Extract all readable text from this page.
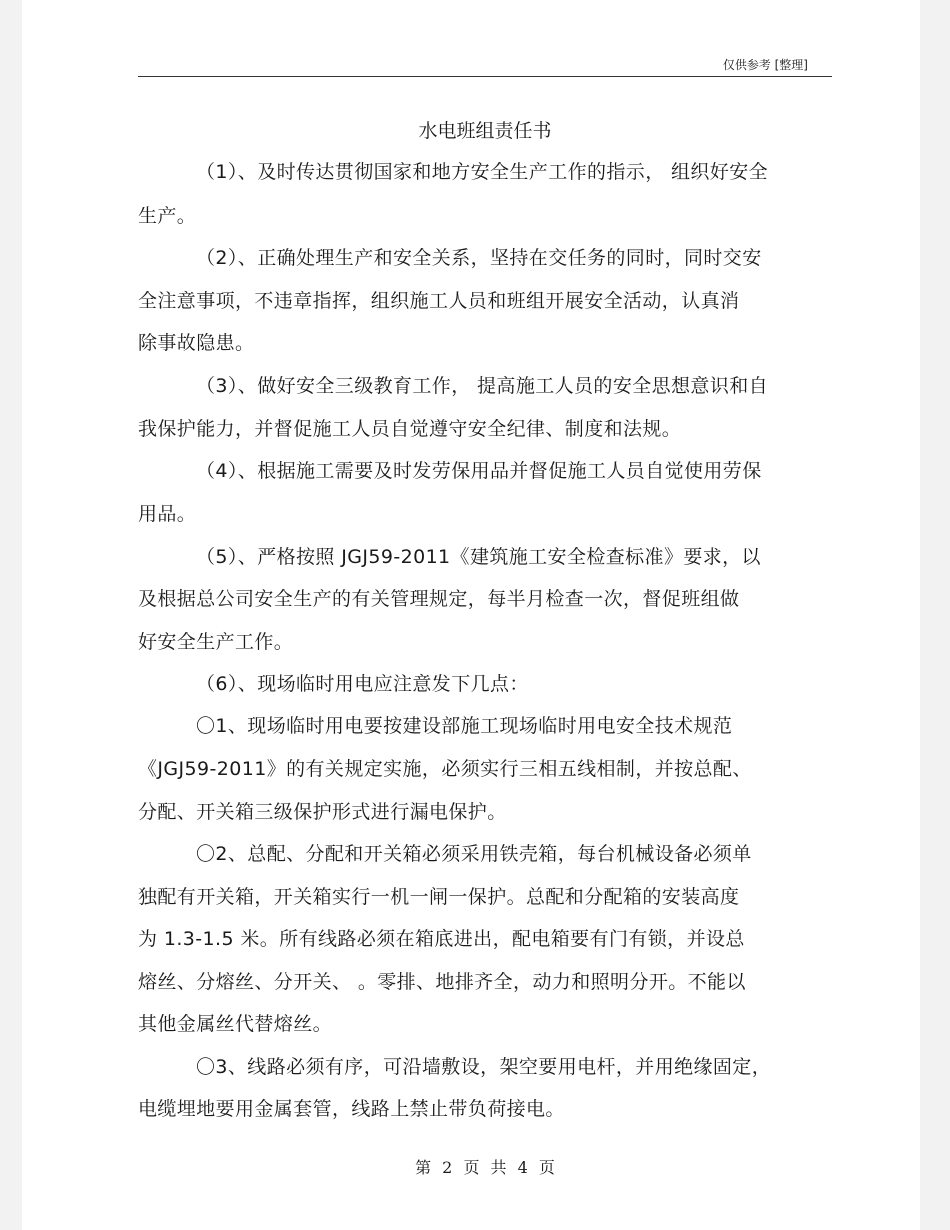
仅供参考 [整理]
水电班组责任书
（1）、及时传达贯彻国家和地方安全生产工作的指示， 组织好安全
生产。
（2）、正确处理生产和安全关系，坚持在交任务的同时，同时交安
全注意事项，不违章指挥，组织施工人员和班组开展安全活动，认真消
除事故隐患。
（3）、做好安全三级教育工作， 提高施工人员的安全思想意识和自
我保护能力，并督促施工人员自觉遵守安全纪律、制度和法规。
（4）、根据施工需要及时发劳保用品并督促施工人员自觉使用劳保
用品。
（5）、严格按照 JGJ59-2011《建筑施工安全检查标准》要求，以
及根据总公司安全生产的有关管理规定，每半月检查一次，督促班组做
好安全生产工作。
（6）、现场临时用电应注意发下几点：
〇1、现场临时用电要按建设部施工现场临时用电安全技术规范
《JGJ59-2011》的有关规定实施，必须实行三相五线相制，并按总配、
分配、开关箱三级保护形式进行漏电保护。
〇2、总配、分配和开关箱必须采用铁壳箱，每台机械设备必须单
独配有开关箱，开关箱实行一机一闸一保护。总配和分配箱的安装高度
为 1.3-1.5 米。所有线路必须在箱底进出，配电箱要有门有锁，并设总
熔丝、分熔丝、分开关、 。零排、地排齐全，动力和照明分开。不能以
其他金属丝代替熔丝。
〇3、线路必须有序，可沿墙敷设，架空要用电杆，并用绝缘固定，
电缆埋地要用金属套管，线路上禁止带负荷接电。
第 2 页 共 4 页
